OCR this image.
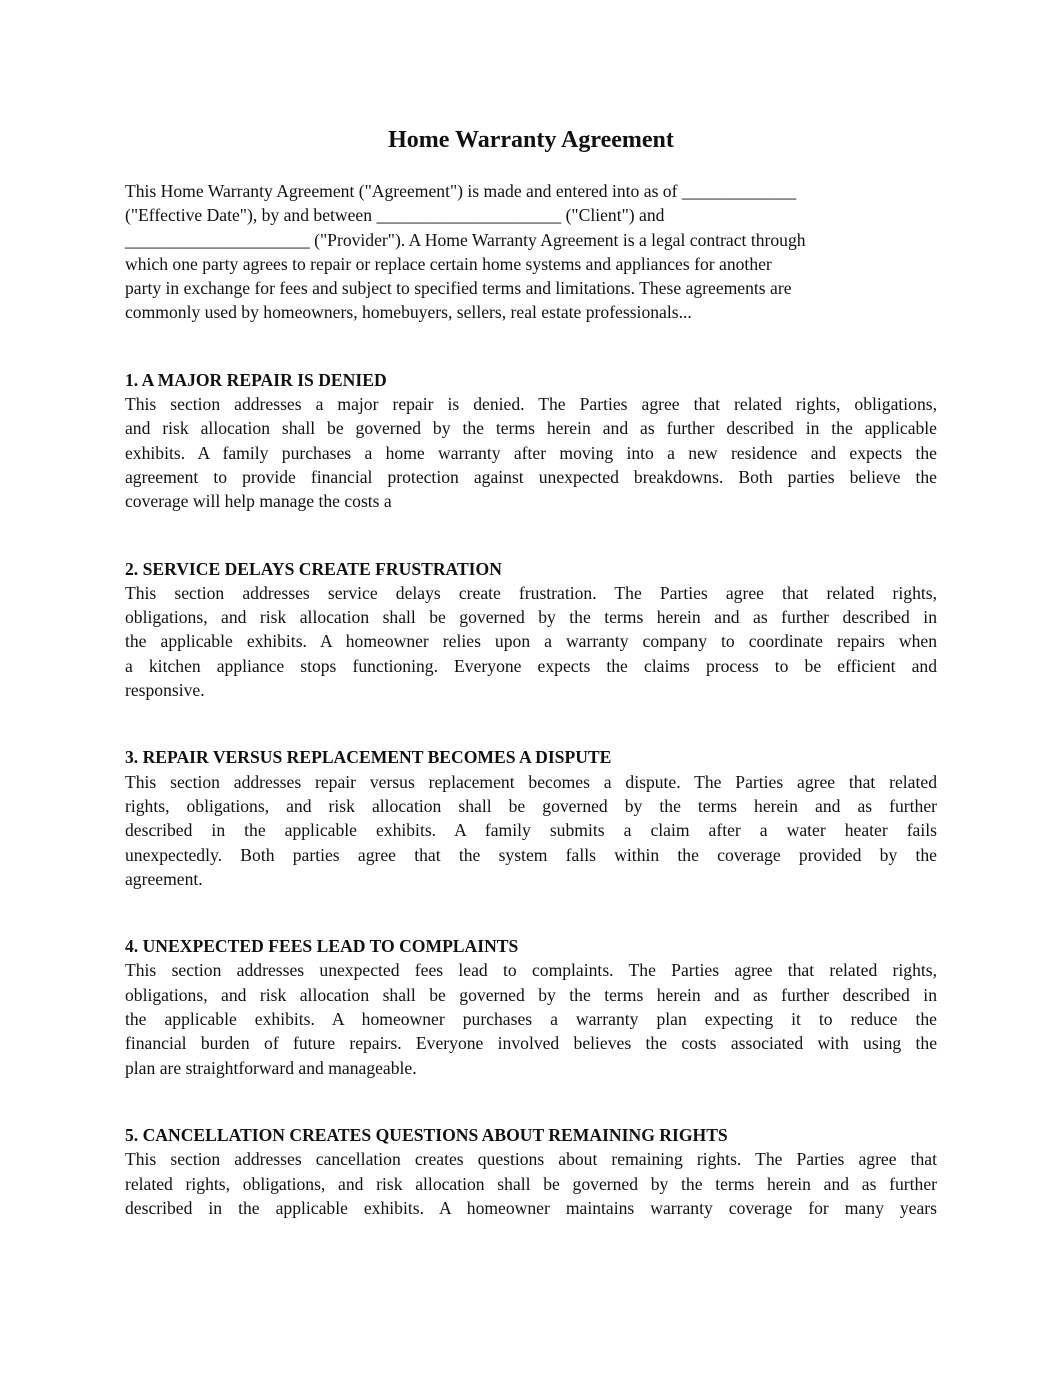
Home Warranty Agreement

This Home Warranty Agreement ("Agreement") is made and entered into as of _____________
("Effective Date"), by and between _____________________ ("Client") and
_____________________ ("Provider"). A Home Warranty Agreement is a legal contract through
which one party agrees to repair or replace certain home systems and appliances for another
party in exchange for fees and subject to specified terms and limitations. These agreements are
commonly used by homeowners, homebuyers, sellers, real estate professionals...

1. A MAJOR REPAIR IS DENIED

This section addresses a major repair is denied. The Parties agree that related rights, obligations,
and risk allocation shall be governed by the terms herein and as further described in the applicable
exhibits. A family purchases a home warranty after moving into a new residence and expects the
agreement to provide financial protection against unexpected breakdowns. Both parties believe the
coverage will help manage the costs a

2. SERVICE DELAYS CREATE FRUSTRATION

This section addresses service delays create frustration. The Parties agree that related rights,
obligations, and risk allocation shall be governed by the terms herein and as further described in
the applicable exhibits. A homeowner relies upon a warranty company to coordinate repairs when
a kitchen appliance stops functioning. Everyone expects the claims process to be efficient and
responsive.

3. REPAIR VERSUS REPLACEMENT BECOMES A DISPUTE

This section addresses repair versus replacement becomes a dispute. The Parties agree that related
rights, obligations, and risk allocation shall be governed by the terms herein and as further
described in the applicable exhibits. A family submits a claim after a water heater fails
unexpectedly. Both parties agree that the system falls within the coverage provided by the
agreement.

4. UNEXPECTED FEES LEAD TO COMPLAINTS

This section addresses unexpected fees lead to complaints. The Parties agree that related rights,
obligations, and risk allocation shall be governed by the terms herein and as further described in
the applicable exhibits. A homeowner purchases a warranty plan expecting it to reduce the
financial burden of future repairs. Everyone involved believes the costs associated with using the
plan are straightforward and manageable.

5. CANCELLATION CREATES QUESTIONS ABOUT REMAINING RIGHTS

This section addresses cancellation creates questions about remaining rights. The Parties agree that
related rights, obligations, and risk allocation shall be governed by the terms herein and as further
described in the applicable exhibits. A homeowner maintains warranty coverage for many years
